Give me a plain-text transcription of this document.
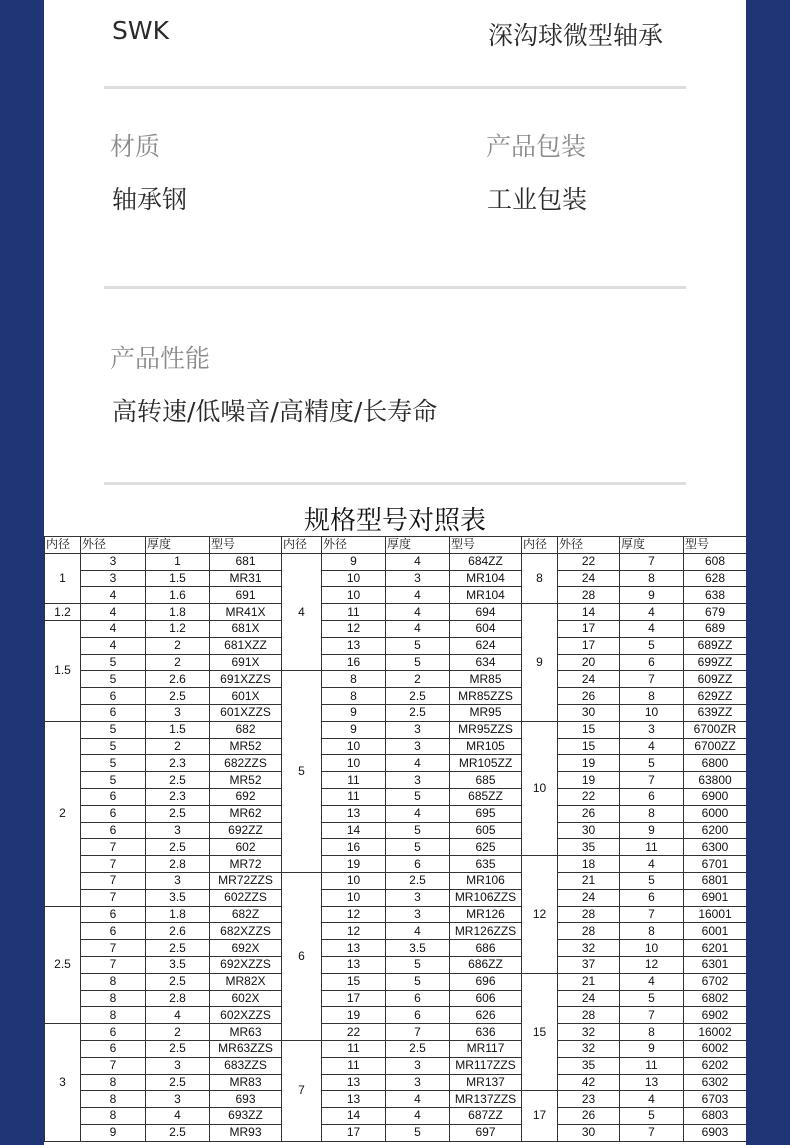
SWK	深沟球微型轴承
材质	产品包装
轴承钢	工业包装
产品性能
高转速/低噪音/高精度/长寿命
规格型号对照表
内径	外径	厚度	型号	内径	外径	厚度	型号	内径	外径	厚度	型号
1	3	1	681	4	9	4	684ZZ	8	22	7	608
	3	1.5	MR31		10	3	MR104		24	8	628
	4	1.6	691		10	4	MR104		28	9	638
1.2	4	1.8	MR41X		11	4	694	9	14	4	679
1.5	4	1.2	681X		12	4	604		17	4	689
	4	2	681XZZ		13	5	624		17	5	689ZZ
	5	2	691X		16	5	634		20	6	699ZZ
	5	2.6	691XZZS	5	8	2	MR85		24	7	609ZZ
	6	2.5	601X		8	2.5	MR85ZZS		26	8	629ZZ
	6	3	601XZZS		9	2.5	MR95		30	10	639ZZ
2	5	1.5	682		9	3	MR95ZZS	10	15	3	6700ZR
	5	2	MR52		10	3	MR105		15	4	6700ZZ
	5	2.3	682ZZS		10	4	MR105ZZ		19	5	6800
	5	2.5	MR52		11	3	685		19	7	63800
	6	2.3	692		11	5	685ZZ		22	6	6900
	6	2.5	MR62		13	4	695		26	8	6000
	6	3	692ZZ		14	5	605		30	9	6200
	7	2.5	602		16	5	625		35	11	6300
	7	2.8	MR72		19	6	635	12	18	4	6701
	7	3	MR72ZZS	6	10	2.5	MR106		21	5	6801
	7	3.5	602ZZS		10	3	MR106ZZS		24	6	6901
2.5	6	1.8	682Z		12	3	MR126		28	7	16001
	6	2.6	682XZZS		12	4	MR126ZZS		28	8	6001
	7	2.5	692X		13	3.5	686		32	10	6201
	7	3.5	692XZZS		13	5	686ZZ		37	12	6301
	8	2.5	MR82X		15	5	696	15	21	4	6702
	8	2.8	602X		17	6	606		24	5	6802
	8	4	602XZZS		19	6	626		28	7	6902
3	6	2	MR63		22	7	636		32	8	16002
	6	2.5	MR63ZZS	7	11	2.5	MR117		32	9	6002
	7	3	683ZZS		11	3	MR117ZZS		35	11	6202
	8	2.5	MR83		13	3	MR137		42	13	6302
	8	3	693		13	4	MR137ZZS	17	23	4	6703
	8	4	693ZZ		14	4	687ZZ		26	5	6803
	9	2.5	MR93		17	5	697		30	7	6903
